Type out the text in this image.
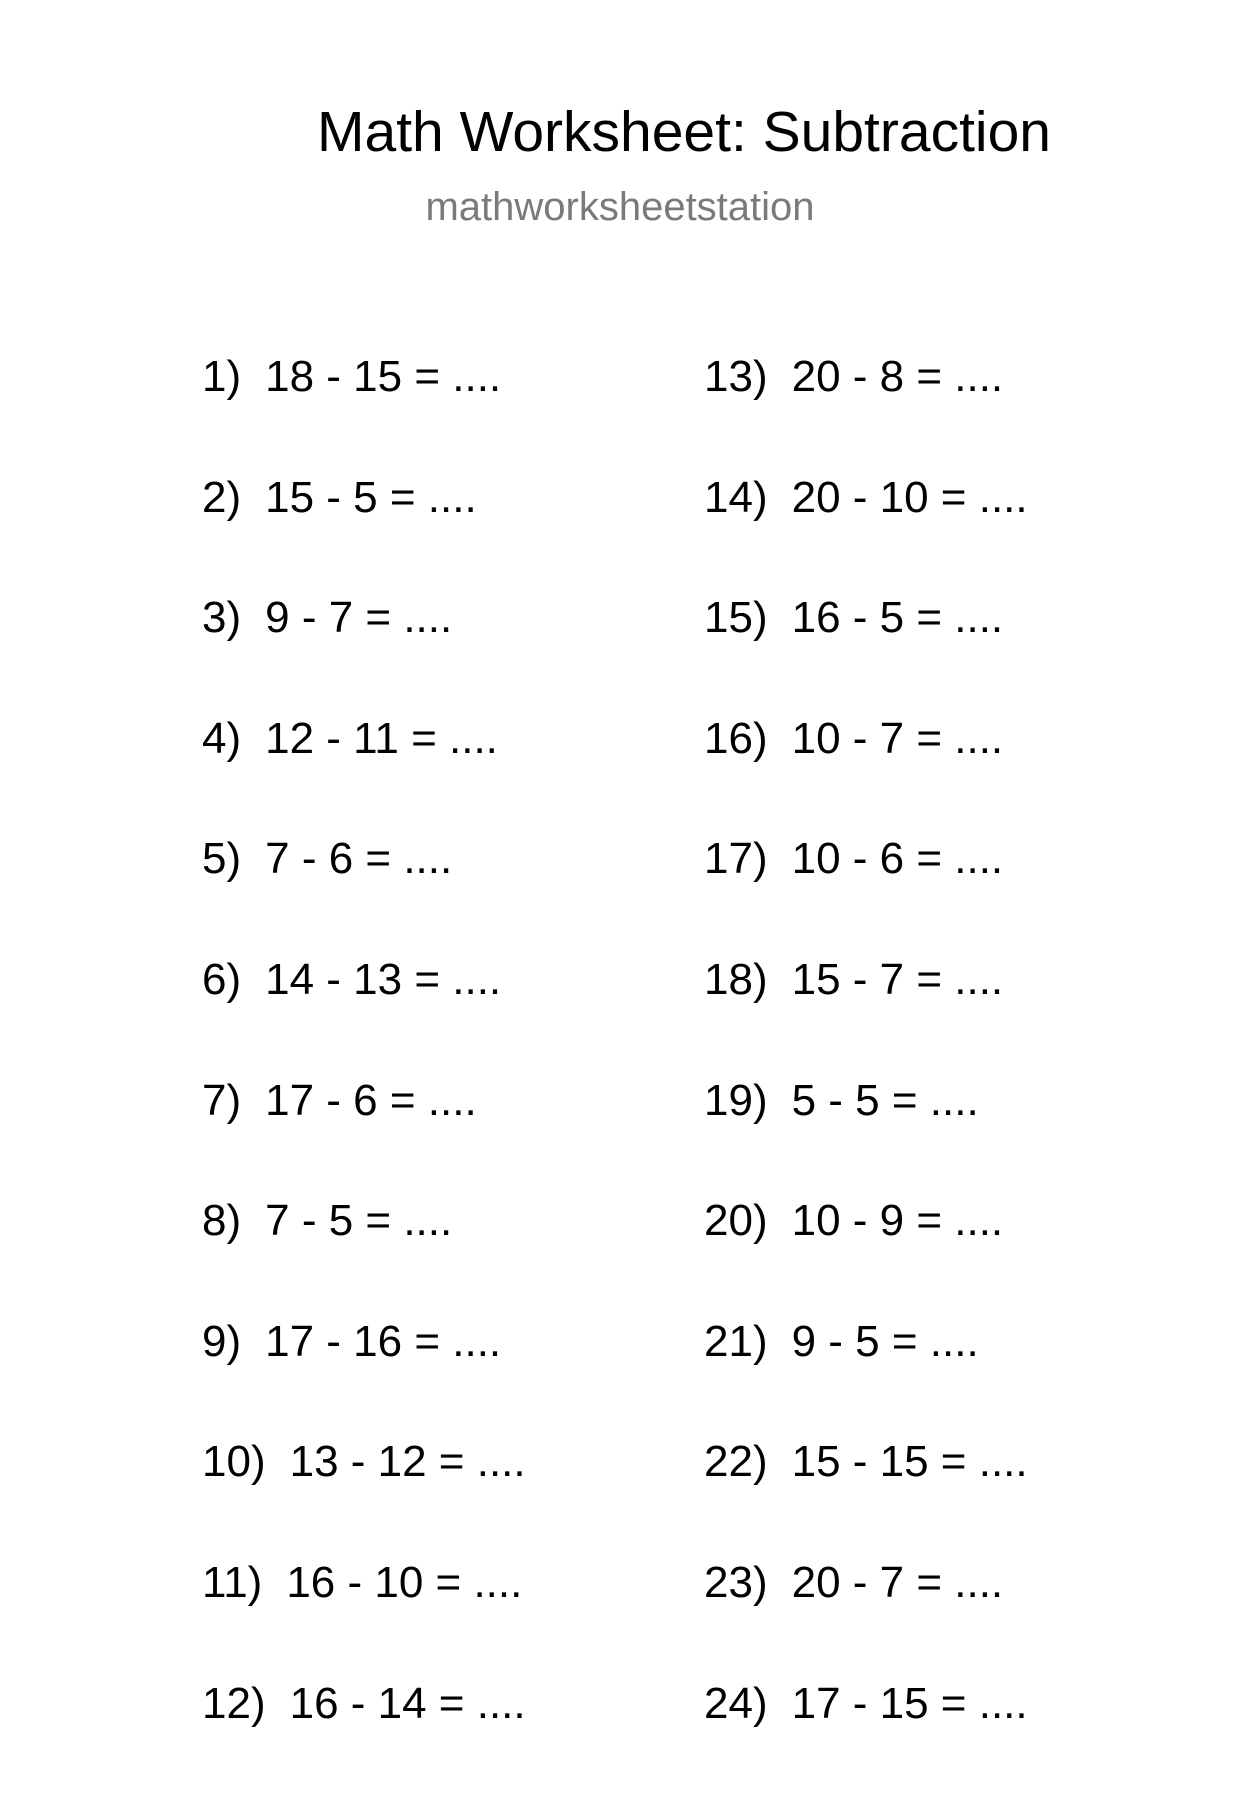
Math Worksheet: Subtraction
mathworksheetstation
1) 18 - 15 = ....
2) 15 - 5 = ....
3) 9 - 7 = ....
4) 12 - 11 = ....
5) 7 - 6 = ....
6) 14 - 13 = ....
7) 17 - 6 = ....
8) 7 - 5 = ....
9) 17 - 16 = ....
10) 13 - 12 = ....
11) 16 - 10 = ....
12) 16 - 14 = ....
13) 20 - 8 = ....
14) 20 - 10 = ....
15) 16 - 5 = ....
16) 10 - 7 = ....
17) 10 - 6 = ....
18) 15 - 7 = ....
19) 5 - 5 = ....
20) 10 - 9 = ....
21) 9 - 5 = ....
22) 15 - 15 = ....
23) 20 - 7 = ....
24) 17 - 15 = ....
